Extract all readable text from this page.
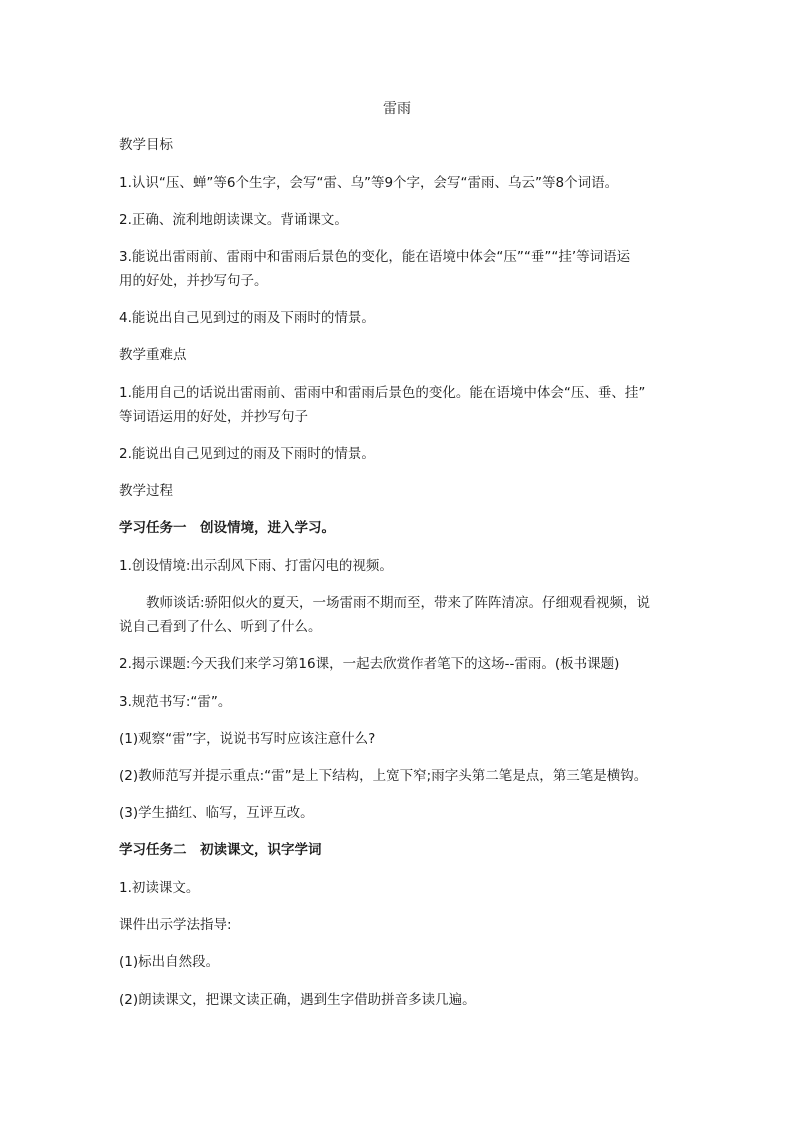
雷雨
教学目标
1.认识“压、蝉”等6个生字，会写“雷、乌”等9个字，会写“雷雨、乌云”等8个词语。
2.正确、流利地朗读课文。背诵课文。
3.能说出雷雨前、雷雨中和雷雨后景色的变化，能在语境中体会“压”“垂”“挂’等词语运
用的好处，并抄写句子。
4.能说出自己见到过的雨及下雨时的情景。
教学重难点
1.能用自己的话说出雷雨前、雷雨中和雷雨后景色的变化。能在语境中体会“压、垂、挂”
等词语运用的好处，并抄写句子
2.能说出自己见到过的雨及下雨时的情景。
教学过程
学习任务一　创设情境，进入学习。
1.创设情境:出示刮风下雨、打雷闪电的视频。
教师谈话:骄阳似火的夏天，一场雷雨不期而至，带来了阵阵清凉。仔细观看视频，说
说自己看到了什么、听到了什么。
2.揭示课题:今天我们来学习第16课，一起去欣赏作者笔下的这场--雷雨。(板书课题)
3.规范书写:“雷”。
(1)观察“雷”字，说说书写时应该注意什么?
(2)教师范写并提示重点:“雷”是上下结构，上宽下窄;雨字头第二笔是点，第三笔是横钩。
(3)学生描红、临写，互评互改。
学习任务二　初读课文，识字学词
1.初读课文。
课件出示学法指导:
(1)标出自然段。
(2)朗读课文，把课文读正确，遇到生字借助拼音多读几遍。
